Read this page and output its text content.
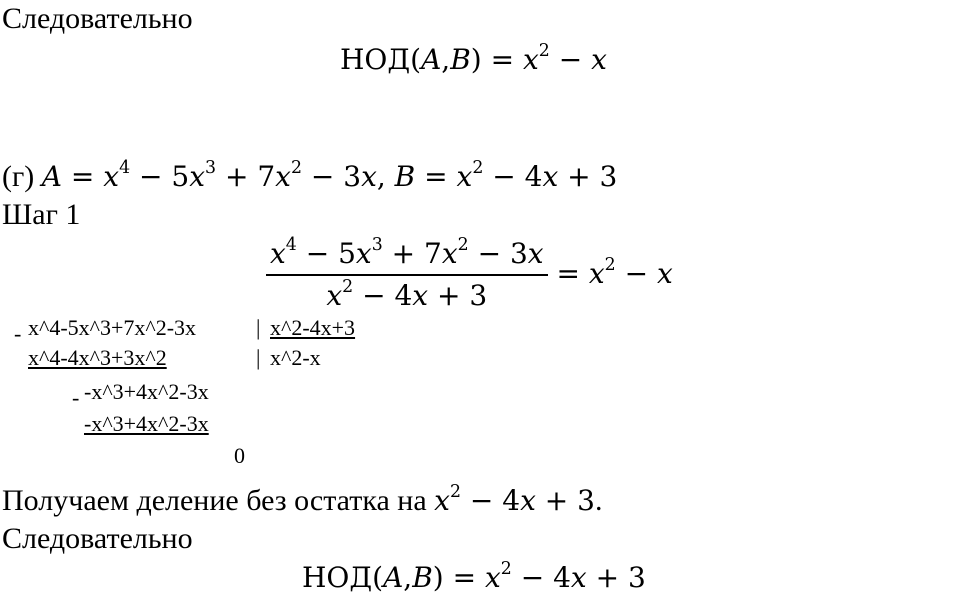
Следовательно
$НОД(A,B) = x^2 - x$
(г) $A = x^4 - 5x^3 + 7x^2 - 3x$, $B = x^2 - 4x + 3$
Шаг 1
$\frac{x^4 - 5x^3 + 7x^2 - 3x}{x^2 - 4x + 3} = x^2 - x$
- x^4-5x^3+7x^2-3x	| x^2-4x+3
x^4-4x^3+3x^2	| x^2-x
- -x^3+4x^2-3x
-x^3+4x^2-3x
0
Получаем деление без остатка на $x^2 - 4x + 3$.
Следовательно
$НОД(A,B) = x^2 - 4x + 3$
